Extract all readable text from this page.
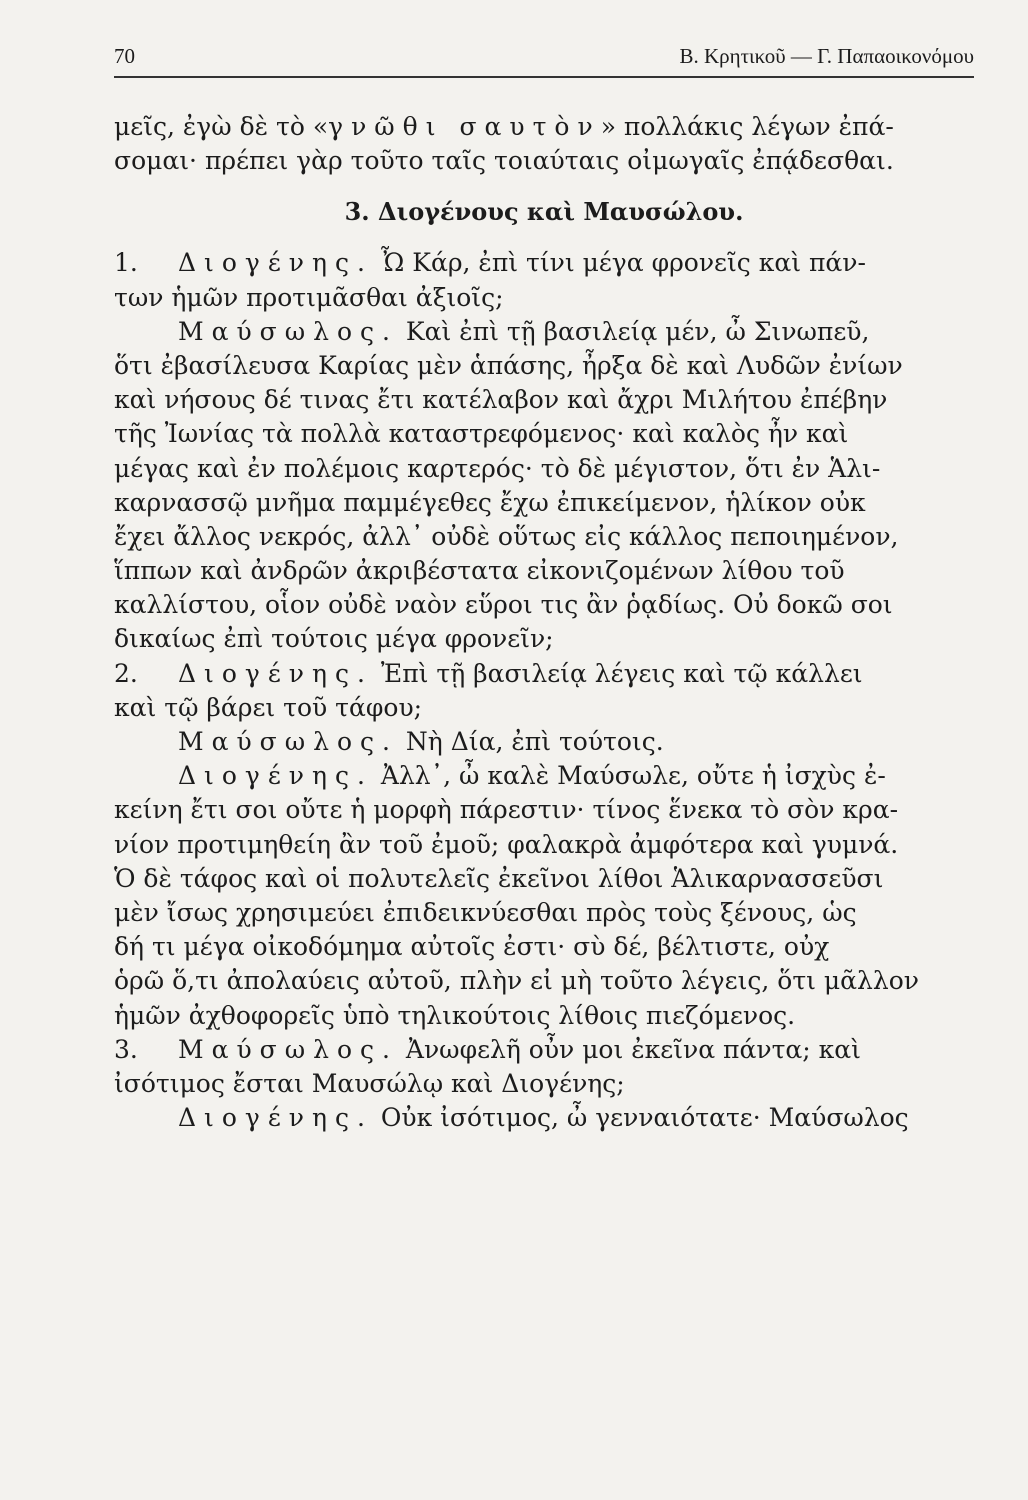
70	Β. Κρητικοῦ — Γ. Παπαοικονόμου
μεῖς, ἐγὼ δὲ τὸ «γνῶθι σαυτὸν» πολλάκις λέγων ἐπά-
σομαι· πρέπει γὰρ τοῦτο ταῖς τοιαύταις οἰμωγαῖς ἐπᾴδεσθαι.
3. Διογένους καὶ Μαυσώλου.
1. Διογένης. Ὦ Κάρ, ἐπὶ τίνι μέγα φρονεῖς καὶ πάν-
των ἡμῶν προτιμᾶσθαι ἀξιοῖς;
Μαύσωλος. Καὶ ἐπὶ τῇ βασιλείᾳ μέν, ὦ Σινωπεῦ,
ὅτι ἐβασίλευσα Καρίας μὲν ἁπάσης, ἦρξα δὲ καὶ Λυδῶν ἐνίων
καὶ νήσους δέ τινας ἔτι κατέλαβον καὶ ἄχρι Μιλήτου ἐπέβην
τῆς Ἰωνίας τὰ πολλὰ καταστρεφόμενος· καὶ καλὸς ἦν καὶ
μέγας καὶ ἐν πολέμοις καρτερός· τὸ δὲ μέγιστον, ὅτι ἐν Ἁλι-
καρνασσῷ μνῆμα παμμέγεθες ἔχω ἐπικείμενον, ἡλίκον οὐκ
ἔχει ἄλλος νεκρός, ἀλλ᾽ οὐδὲ οὕτως εἰς κάλλος πεποιημένον,
ἵππων καὶ ἀνδρῶν ἀκριβέστατα εἰκονιζομένων λίθου τοῦ
καλλίστου, οἷον οὐδὲ ναὸν εὕροι τις ἂν ῥᾳδίως. Οὐ δοκῶ σοι
δικαίως ἐπὶ τούτοις μέγα φρονεῖν;
2. Διογένης. Ἐπὶ τῇ βασιλείᾳ λέγεις καὶ τῷ κάλλει
καὶ τῷ βάρει τοῦ τάφου;
Μαύσωλος. Νὴ Δία, ἐπὶ τούτοις.
Διογένης. Ἀλλ᾽, ὦ καλὲ Μαύσωλε, οὔτε ἡ ἰσχὺς ἐ-
κείνη ἔτι σοι οὔτε ἡ μορφὴ πάρεστιν· τίνος ἕνεκα τὸ σὸν κρα-
νίον προτιμηθείη ἂν τοῦ ἐμοῦ; φαλακρὰ ἀμφότερα καὶ γυμνά.
Ὁ δὲ τάφος καὶ οἱ πολυτελεῖς ἐκεῖνοι λίθοι Ἁλικαρνασσεῦσι
μὲν ἴσως χρησιμεύει ἐπιδεικνύεσθαι πρὸς τοὺς ξένους, ὡς
δή τι μέγα οἰκοδόμημα αὐτοῖς ἐστι· σὺ δέ, βέλτιστε, οὐχ
ὁρῶ ὅ,τι ἀπολαύεις αὐτοῦ, πλὴν εἰ μὴ τοῦτο λέγεις, ὅτι μᾶλλον
ἡμῶν ἀχθοφορεῖς ὑπὸ τηλικούτοις λίθοις πιεζόμενος.
3. Μαύσωλος. Ἀνωφελῆ οὖν μοι ἐκεῖνα πάντα; καὶ
ἰσότιμος ἔσται Μαυσώλῳ καὶ Διογένης;
Διογένης. Οὐκ ἰσότιμος, ὦ γενναιότατε· Μαύσωλος
